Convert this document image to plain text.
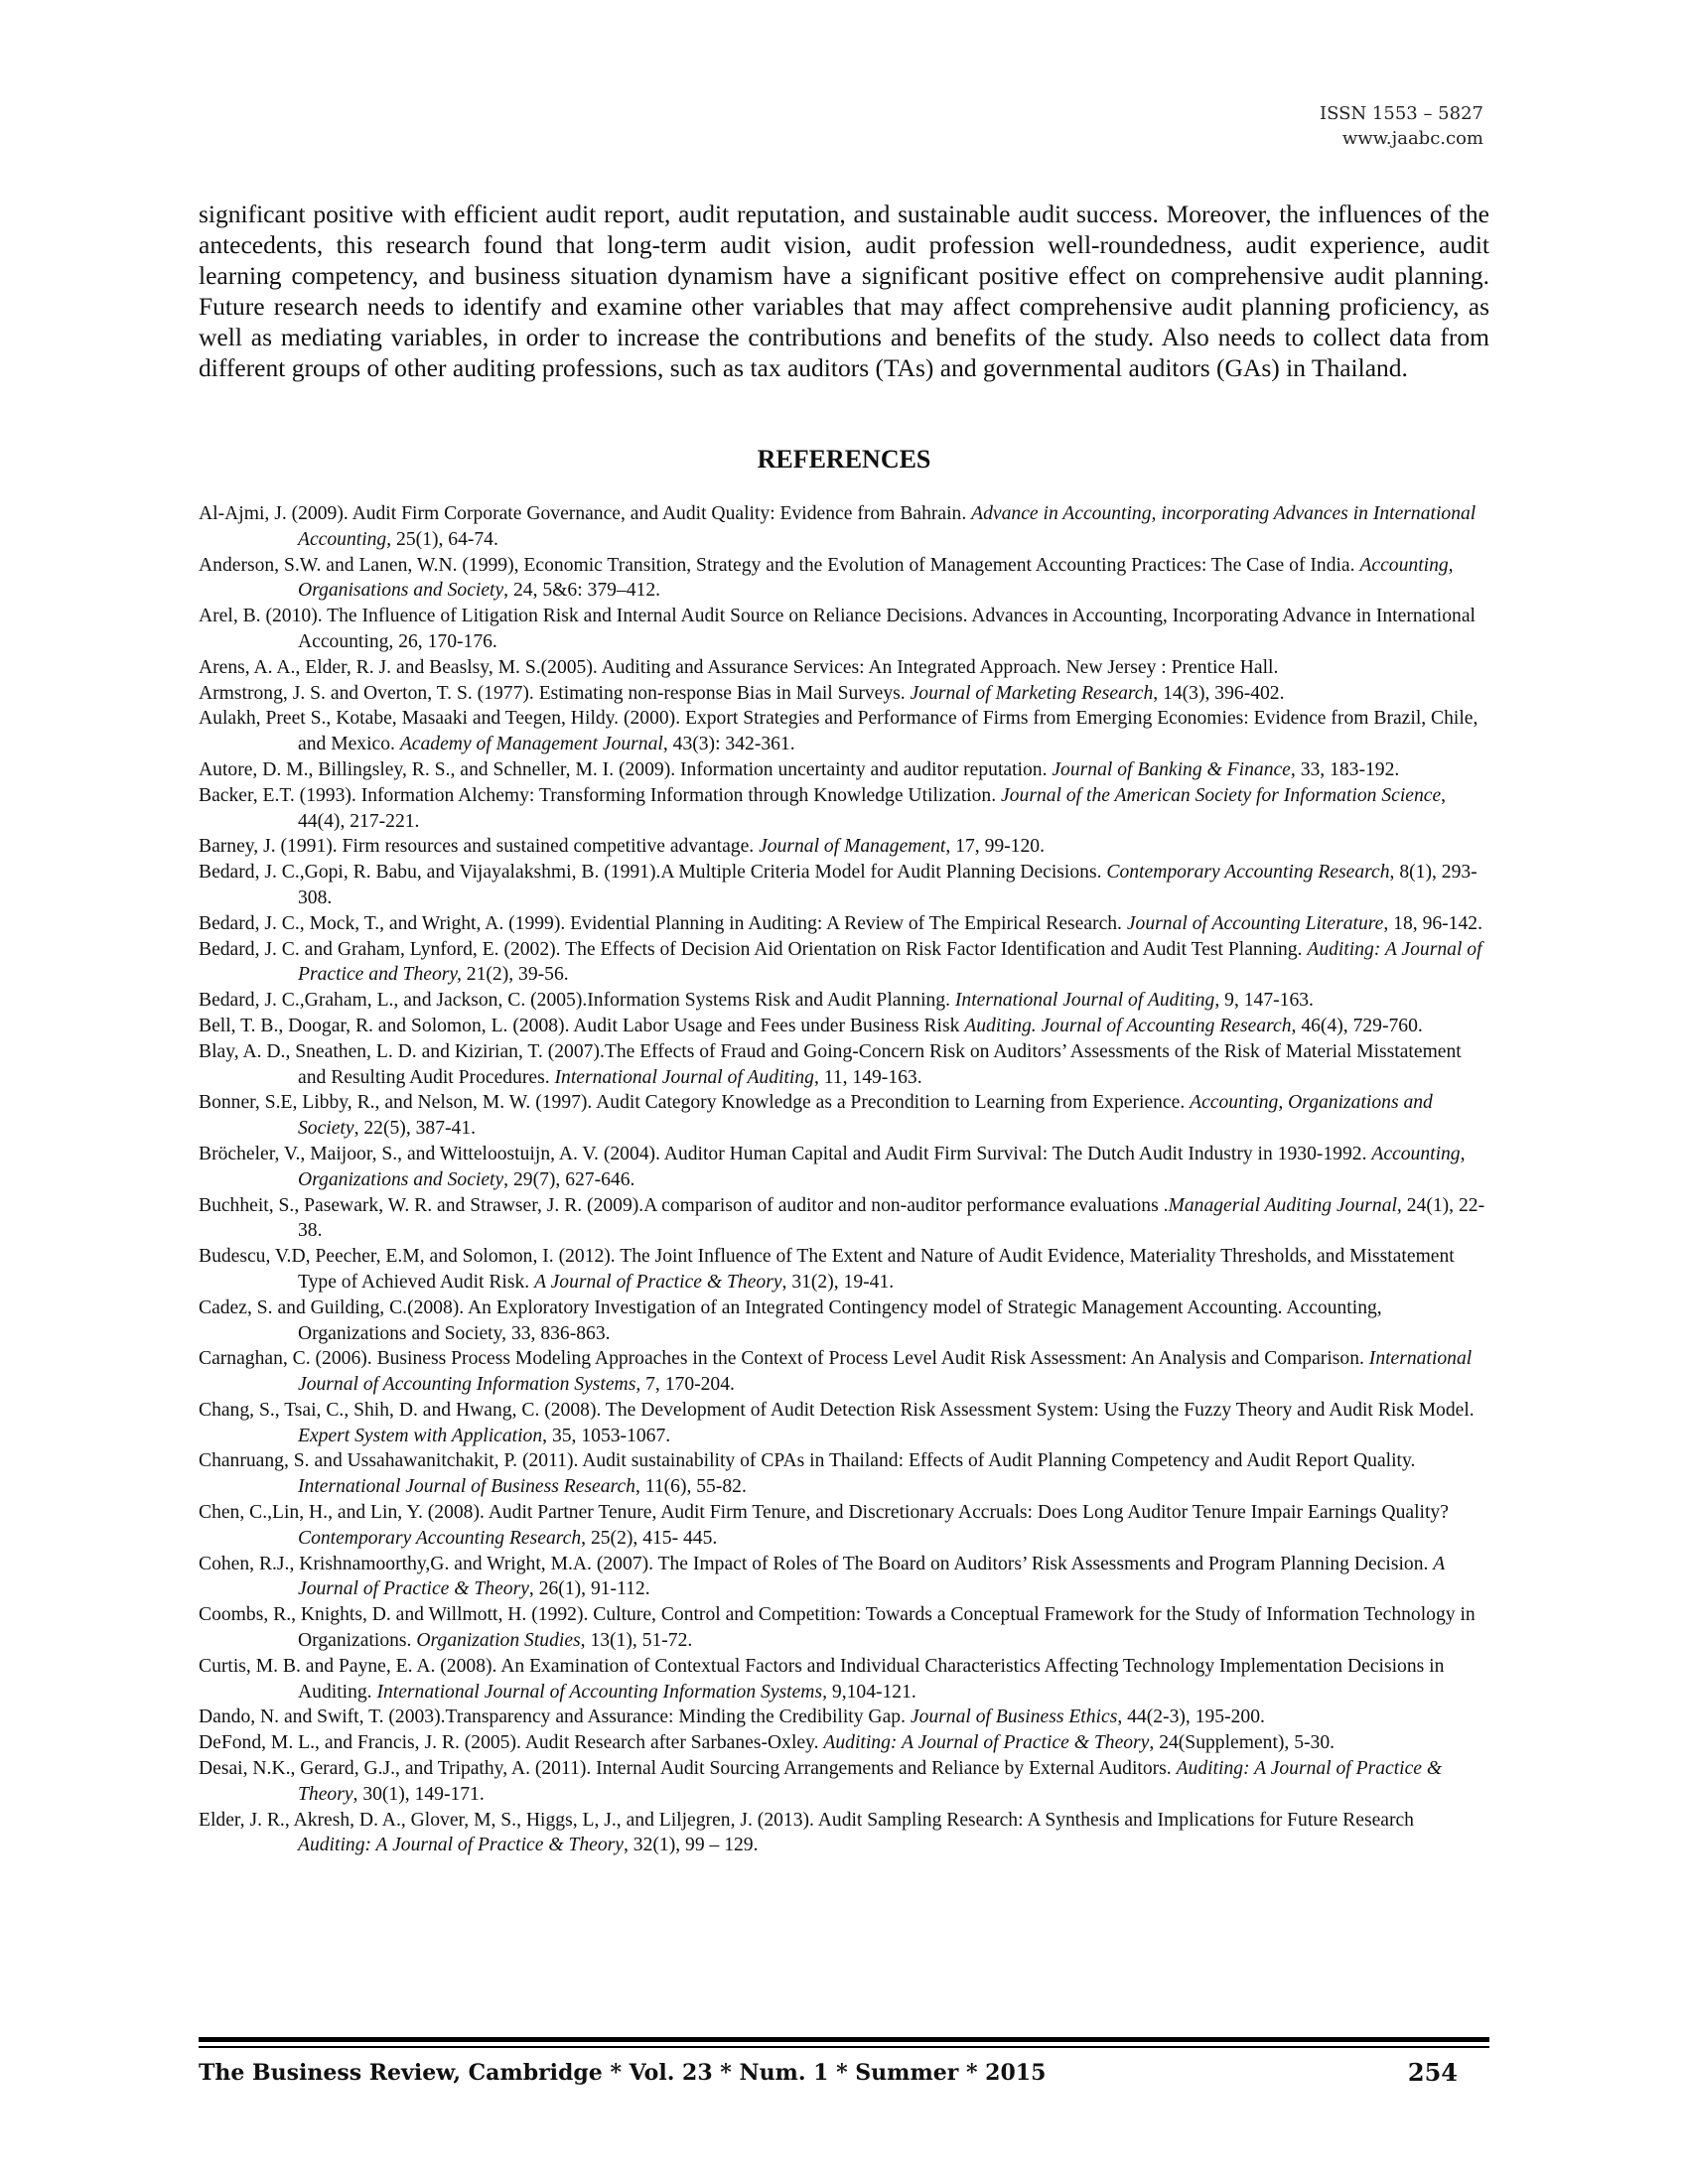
ISSN 1553 – 5827
www.jaabc.com

significant positive with efficient audit report, audit reputation, and sustainable audit success. Moreover, the influences of the antecedents, this research found that long-term audit vision, audit profession well-roundedness, audit experience, audit learning competency, and business situation dynamism have a significant positive effect on comprehensive audit planning. Future research needs to identify and examine other variables that may affect comprehensive audit planning proficiency, as well as mediating variables, in order to increase the contributions and benefits of the study. Also needs to collect data from different groups of other auditing professions, such as tax auditors (TAs) and governmental auditors (GAs) in Thailand.

REFERENCES
Al-Ajmi, J. (2009). Audit Firm Corporate Governance, and Audit Quality: Evidence from Bahrain. Advance in Accounting, incorporating Advances in International Accounting, 25(1), 64-74.
Anderson, S.W. and Lanen, W.N. (1999), Economic Transition, Strategy and the Evolution of Management Accounting Practices: The Case of India. Accounting, Organisations and Society, 24, 5&6: 379–412.
Arel, B. (2010). The Influence of Litigation Risk and Internal Audit Source on Reliance Decisions. Advances in Accounting, Incorporating Advance in International Accounting, 26, 170-176.
Arens, A. A., Elder, R. J. and Beaslsy, M. S.(2005). Auditing and Assurance Services: An Integrated Approach. New Jersey : Prentice Hall.
Armstrong, J. S. and Overton, T. S. (1977). Estimating non-response Bias in Mail Surveys. Journal of Marketing Research, 14(3), 396-402.
Aulakh, Preet S., Kotabe, Masaaki and Teegen, Hildy. (2000). Export Strategies and Performance of Firms from Emerging Economies: Evidence from Brazil, Chile, and Mexico. Academy of Management Journal, 43(3): 342-361.
Autore, D. M., Billingsley, R. S., and Schneller, M. I. (2009). Information uncertainty and auditor reputation. Journal of Banking & Finance, 33, 183-192.
Backer, E.T. (1993). Information Alchemy: Transforming Information through Knowledge Utilization. Journal of the American Society for Information Science, 44(4), 217-221.
Barney, J. (1991). Firm resources and sustained competitive advantage. Journal of Management, 17, 99-120.
Bedard, J. C.,Gopi, R. Babu, and Vijayalakshmi, B. (1991).A Multiple Criteria Model for Audit Planning Decisions. Contemporary Accounting Research, 8(1), 293-308.
Bedard, J. C., Mock, T., and Wright, A. (1999). Evidential Planning in Auditing: A Review of The Empirical Research. Journal of Accounting Literature, 18, 96-142.
Bedard, J. C. and Graham, Lynford, E. (2002). The Effects of Decision Aid Orientation on Risk Factor Identification and Audit Test Planning. Auditing: A Journal of Practice and Theory, 21(2), 39-56.
Bedard, J. C.,Graham, L., and Jackson, C. (2005).Information Systems Risk and Audit Planning. International Journal of Auditing, 9, 147-163.
Bell, T. B., Doogar, R. and Solomon, L. (2008). Audit Labor Usage and Fees under Business Risk Auditing. Journal of Accounting Research, 46(4), 729-760.
Blay, A. D., Sneathen, L. D. and Kizirian, T. (2007).The Effects of Fraud and Going-Concern Risk on Auditors’ Assessments of the Risk of Material Misstatement and Resulting Audit Procedures. International Journal of Auditing, 11, 149-163.
Bonner, S.E, Libby, R., and Nelson, M. W. (1997). Audit Category Knowledge as a Precondition to Learning from Experience. Accounting, Organizations and Society, 22(5), 387-41.
Brӧcheler, V., Maijoor, S., and Witteloostuijn, A. V. (2004). Auditor Human Capital and Audit Firm Survival: The Dutch Audit Industry in 1930-1992. Accounting, Organizations and Society, 29(7), 627-646.
Buchheit, S., Pasewark, W. R. and Strawser, J. R. (2009).A comparison of auditor and non-auditor performance evaluations .Managerial Auditing Journal, 24(1), 22-38.
Budescu, V.D, Peecher, E.M, and Solomon, I. (2012). The Joint Influence of The Extent and Nature of Audit Evidence, Materiality Thresholds, and Misstatement Type of Achieved Audit Risk. A Journal of Practice & Theory, 31(2), 19-41.
Cadez, S. and Guilding, C.(2008). An Exploratory Investigation of an Integrated Contingency model of Strategic Management Accounting. Accounting, Organizations and Society, 33, 836-863.
Carnaghan, C. (2006). Business Process Modeling Approaches in the Context of Process Level Audit Risk Assessment: An Analysis and Comparison. International Journal of Accounting Information Systems, 7, 170-204.
Chang, S., Tsai, C., Shih, D. and Hwang, C. (2008). The Development of Audit Detection Risk Assessment System: Using the Fuzzy Theory and Audit Risk Model. Expert System with Application, 35, 1053-1067.
Chanruang, S. and Ussahawanitchakit, P. (2011). Audit sustainability of CPAs in Thailand: Effects of Audit Planning Competency and Audit Report Quality. International Journal of Business Research, 11(6), 55-82.
Chen, C.,Lin, H., and Lin, Y. (2008). Audit Partner Tenure, Audit Firm Tenure, and Discretionary Accruals: Does Long Auditor Tenure Impair Earnings Quality? Contemporary Accounting Research, 25(2), 415- 445.
Cohen, R.J., Krishnamoorthy,G. and Wright, M.A. (2007). The Impact of Roles of The Board on Auditors’ Risk Assessments and Program Planning Decision. A Journal of Practice & Theory, 26(1), 91-112.
Coombs, R., Knights, D. and Willmott, H. (1992). Culture, Control and Competition: Towards a Conceptual Framework for the Study of Information Technology in Organizations. Organization Studies, 13(1), 51-72.
Curtis, M. B. and Payne, E. A. (2008). An Examination of Contextual Factors and Individual Characteristics Affecting Technology Implementation Decisions in Auditing. International Journal of Accounting Information Systems, 9,104-121.
Dando, N. and Swift, T. (2003).Transparency and Assurance: Minding the Credibility Gap. Journal of Business Ethics, 44(2-3), 195-200.
DeFond, M. L., and Francis, J. R. (2005). Audit Research after Sarbanes-Oxley. Auditing: A Journal of Practice & Theory, 24(Supplement), 5-30.
Desai, N.K., Gerard, G.J., and Tripathy, A. (2011). Internal Audit Sourcing Arrangements and Reliance by External Auditors. Auditing: A Journal of Practice & Theory, 30(1), 149-171.
Elder, J. R., Akresh, D. A., Glover, M, S., Higgs, L, J., and Liljegren, J. (2013). Audit Sampling Research: A Synthesis and Implications for Future Research Auditing: A Journal of Practice & Theory, 32(1), 99 – 129.
The Business Review, Cambridge * Vol. 23 * Num. 1 * Summer * 2015	254
